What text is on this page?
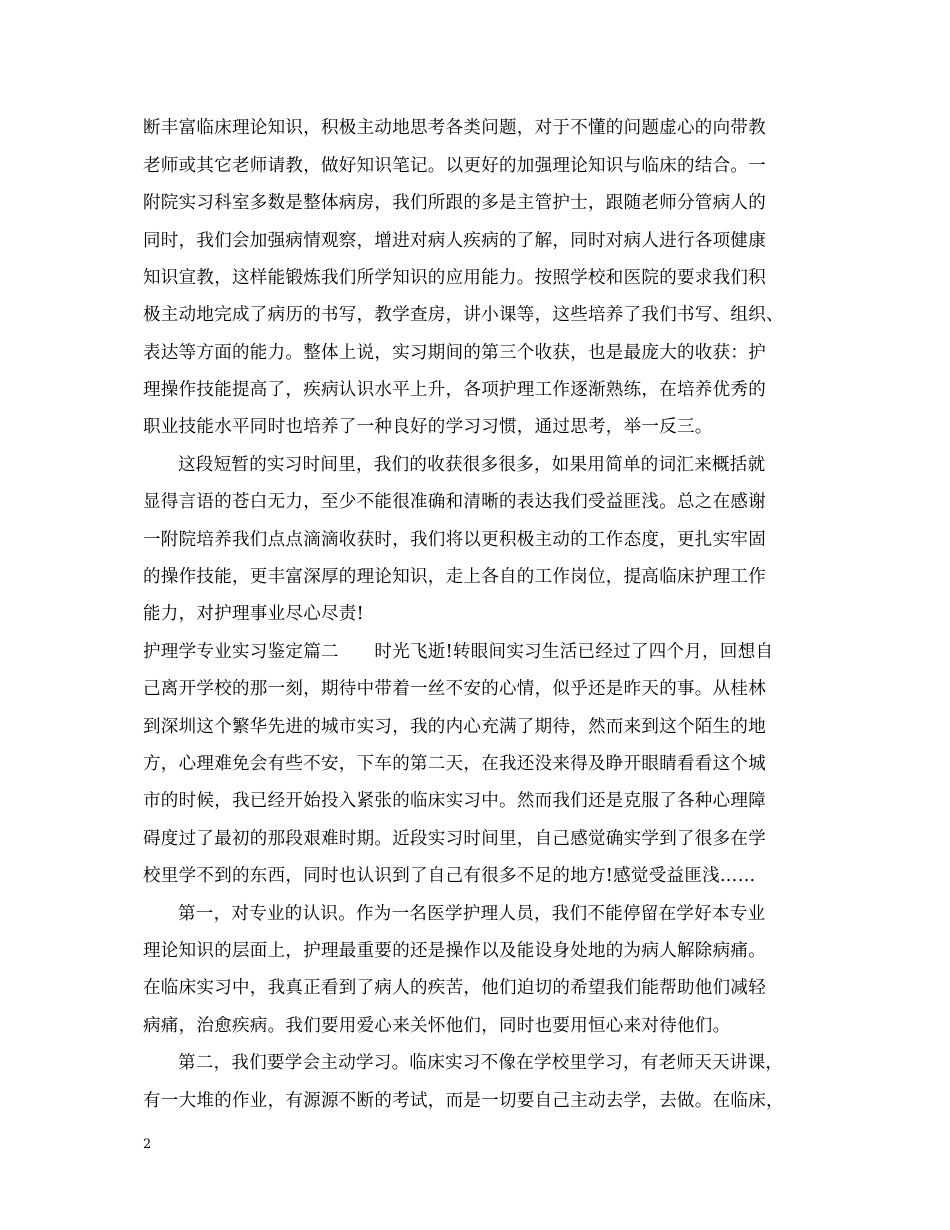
断丰富临床理论知识，积极主动地思考各类问题，对于不懂的问题虚心的向带教
老师或其它老师请教，做好知识笔记。以更好的加强理论知识与临床的结合。一
附院实习科室多数是整体病房，我们所跟的多是主管护士，跟随老师分管病人的
同时，我们会加强病情观察，增进对病人疾病的了解，同时对病人进行各项健康
知识宣教，这样能锻炼我们所学知识的应用能力。按照学校和医院的要求我们积
极主动地完成了病历的书写，教学查房，讲小课等，这些培养了我们书写、组织、
表达等方面的能力。整体上说，实习期间的第三个收获，也是最庞大的收获：护
理操作技能提高了，疾病认识水平上升，各项护理工作逐渐熟练，在培养优秀的
职业技能水平同时也培养了一种良好的学习习惯，通过思考，举一反三。
这段短暂的实习时间里，我们的收获很多很多，如果用简单的词汇来概括就
显得言语的苍白无力，至少不能很准确和清晰的表达我们受益匪浅。总之在感谢
一附院培养我们点点滴滴收获时，我们将以更积极主动的工作态度，更扎实牢固
的操作技能，更丰富深厚的理论知识，走上各自的工作岗位，提高临床护理工作
能力，对护理事业尽心尽责!
护理学专业实习鉴定篇二　　时光飞逝!转眼间实习生活已经过了四个月，回想自
己离开学校的那一刻，期待中带着一丝不安的心情，似乎还是昨天的事。从桂林
到深圳这个繁华先进的城市实习，我的内心充满了期待，然而来到这个陌生的地
方，心理难免会有些不安，下车的第二天，在我还没来得及睁开眼睛看看这个城
市的时候，我已经开始投入紧张的临床实习中。然而我们还是克服了各种心理障
碍度过了最初的那段艰难时期。近段实习时间里，自己感觉确实学到了很多在学
校里学不到的东西，同时也认识到了自己有很多不足的地方!感觉受益匪浅……
第一，对专业的认识。作为一名医学护理人员，我们不能停留在学好本专业
理论知识的层面上，护理最重要的还是操作以及能设身处地的为病人解除病痛。
在临床实习中，我真正看到了病人的疾苦，他们迫切的希望我们能帮助他们减轻
病痛，治愈疾病。我们要用爱心来关怀他们，同时也要用恒心来对待他们。
第二，我们要学会主动学习。临床实习不像在学校里学习，有老师天天讲课，
有一大堆的作业，有源源不断的考试，而是一切要自己主动去学，去做。在临床，
2
